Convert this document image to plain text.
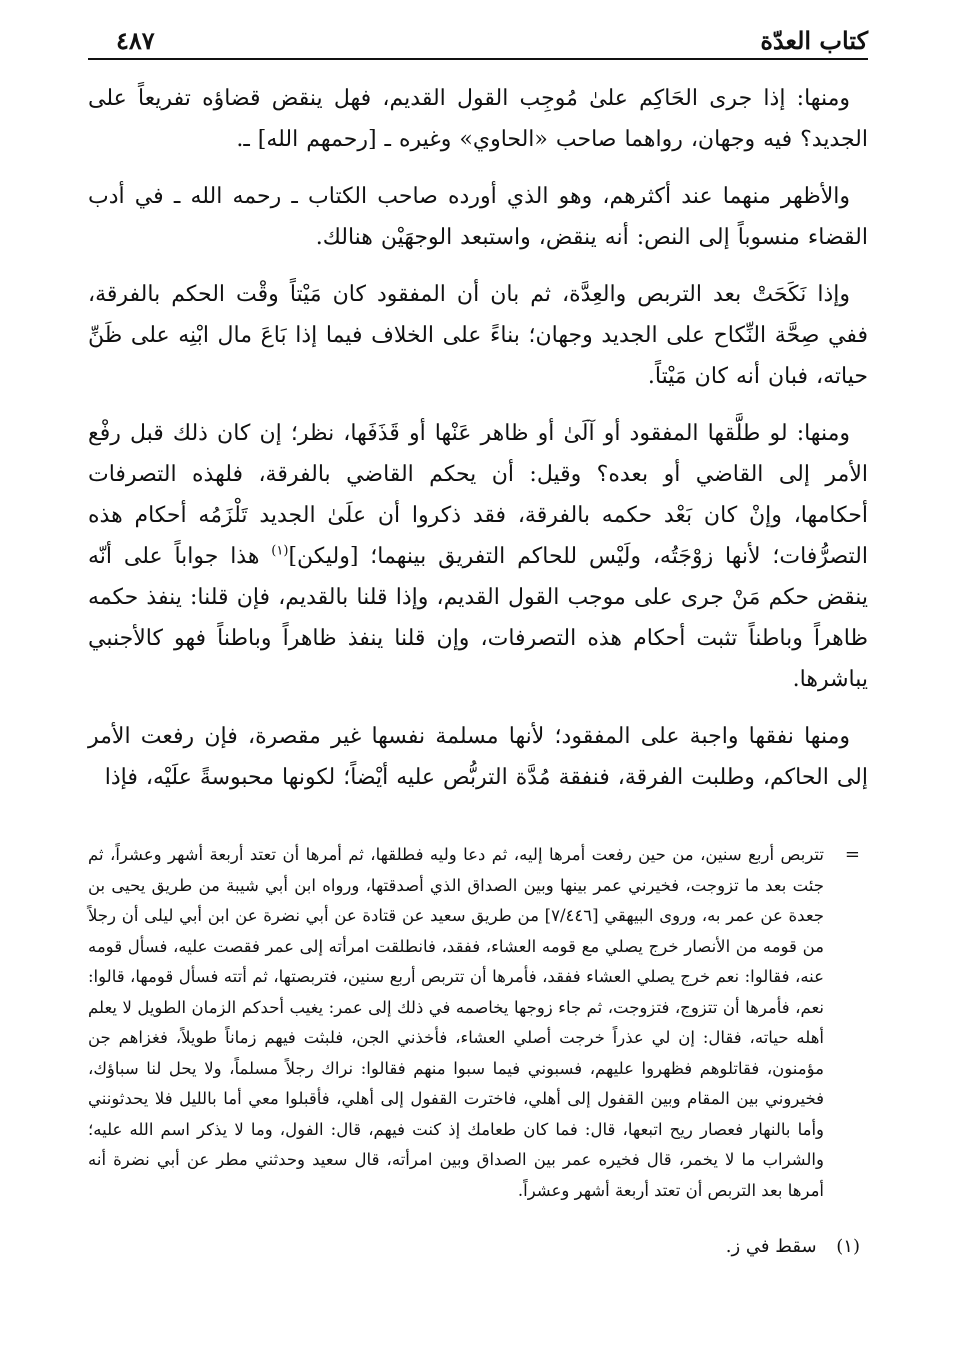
كتاب العدّة
٤٨٧

ومنها: إذا جرى الحَاكِم علىٰ مُوجِب القول القديم، فهل ينقض قضاؤه تفريعاً على الجديد؟ فيه وجهان، رواهما صاحب «الحاوي» وغيره ـ [رحمهم الله] ـ.

والأظهر منهما عند أكثرهم، وهو الذي أورده صاحب الكتاب ـ رحمه الله ـ في أدب القضاء منسوباً إلى النص: أنه ينقض، واستبعد الوجهَيْن هنالك.

وإذا نَكَحَتْ بعد التربص والعِدَّة، ثم بان أن المفقود كان مَيْتاً وقْت الحكم بالفرقة، ففي صِحَّة النِّكاح على الجديد وجهان؛ بناءً على الخلاف فيما إذا بَاعَ مال ابْنِه على ظَنِّ حياته، فبان أنه كان مَيْتاً.

ومنها: لو طلَّقها المفقود أو آلَىٰ أو ظاهر عَنْها أو قَذَفَها، نظر؛ إن كان ذلك قبل رفْع الأمر إلى القاضي أو بعده؟ وقيل: أن يحكم القاضي بالفرقة، فلهذه التصرفات أحكامها، وإنْ كان بَعْد حكمه بالفرقة، فقد ذكروا أن علَىٰ الجديد تَلْزَمُه أحكام هذه التصرُّفات؛ لأنها زوْجَتُه، ولَيْس للحاكم التفريق بينهما؛ [وليكن]$^{(١)}$ هذا جواباً على أنّه ينقض حكم مَنْ جرى على موجب القول القديم، وإذا قلنا بالقديم، فإن قلنا: ينفذ حكمه ظاهراً وباطناً تثبت أحكام هذه التصرفات، وإن قلنا ينفذ ظاهراً وباطناً فهو كالأجنبي يباشرها.

ومنها نفقها واجبة على المفقود؛ لأنها مسلمة نفسها غير مقصرة، فإن رفعت الأمر إلى الحاكم، وطلبت الفرقة، فنفقة مُدَّة التربُّص عليه أيْضاً؛ لكونها محبوسةً علَيْه، فإذا

=
تتربص أربع سنين، من حين رفعت أمرها إليه، ثم دعا وليه فطلقها، ثم أمرها أن تعتد أربعة أشهر وعشراً، ثم جئت بعد ما تزوجت، فخيرني عمر بينها وبين الصداق الذي أصدقتها، ورواه ابن أبي شيبة من طريق يحيى بن جعدة عن عمر به، وروى البيهقي [٧/٤٤٦] من طريق سعيد عن قتادة عن أبي نضرة عن ابن أبي ليلى أن رجلاً من قومه من الأنصار خرج يصلي مع قومه العشاء، ففقد، فانطلقت امرأته إلى عمر فقصت عليه، فسأل قومه عنه، فقالوا: نعم خرج يصلي العشاء ففقد، فأمرها أن تتربص أربع سنين، فتربصتها، ثم أتته فسأل قومها، قالوا: نعم، فأمرها أن تتزوج، فتزوجت، ثم جاء زوجها يخاصمه في ذلك إلى عمر: يغيب أحدكم الزمان الطويل لا يعلم أهله حياته، فقال: إن لي عذراً خرجت أصلي العشاء، فأخذني الجن، فلبثت فيهم زماناً طويلاً، فغزاهم جن مؤمنون، فقاتلوهم فظهروا عليهم، فسبوني فيما سبوا منهم فقالوا: نراك رجلاً مسلماً، ولا يحل لنا سباؤك، فخيروني بين المقام وبين القفول إلى أهلي، فاخترت القفول إلى أهلي، فأقبلوا معي أما بالليل فلا يحدثونني وأما بالنهار فعصار ريح اتبعها، قال: فما كان طعامك إذ كنت فيهم، قال: الفول، وما لا يذكر اسم الله عليه؛ والشراب ما لا يخمر، قال فخيره عمر بين الصداق وبين امرأته، قال سعيد وحدثني مطر عن أبي نضرة أنه أمرها بعد التربص أن تعتد أربعة أشهر وعشراً.

(١) سقط في ز.
